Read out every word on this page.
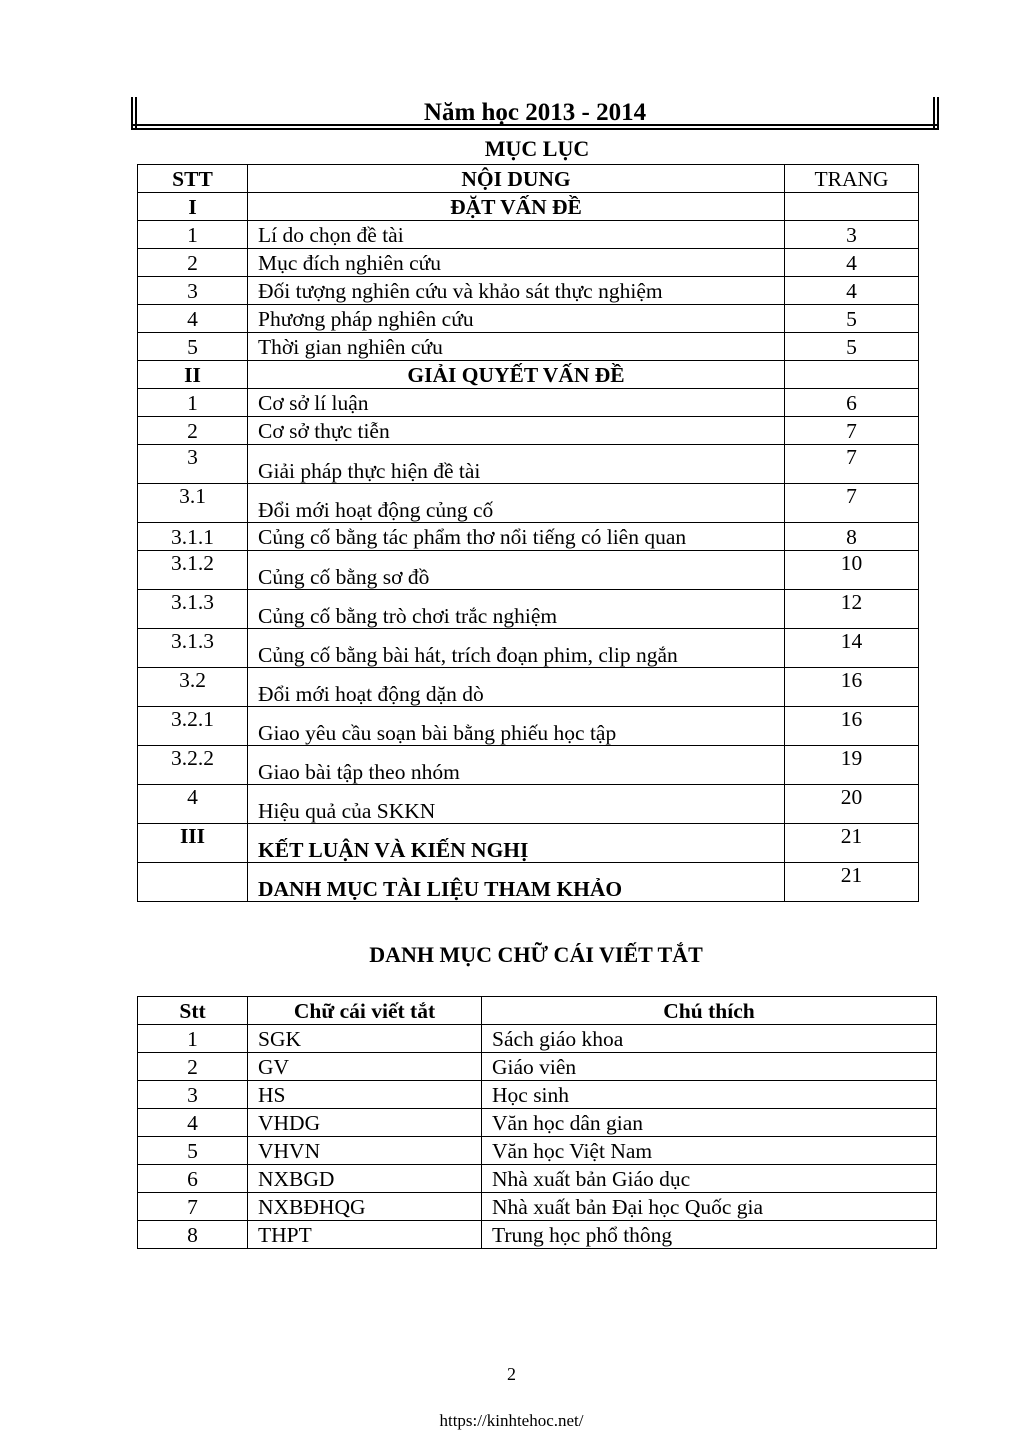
Năm học 2013 - 2014
MỤC LỤC
STT	NỘI DUNG	TRANG
I	ĐẶT VẤN ĐỀ	
1	Lí do chọn đề tài	3
2	Mục đích nghiên cứu	4
3	Đối tượng nghiên cứu và khảo sát thực nghiệm	4
4	Phương pháp nghiên cứu	5
5	Thời gian nghiên cứu	5
II	GIẢI QUYẾT VẤN ĐỀ	
1	Cơ sở lí luận	6
2	Cơ sở thực tiễn	7
3	Giải pháp thực hiện đề tài	7
3.1	Đổi mới hoạt động củng cố	7
3.1.1	Củng cố bằng tác phẩm thơ nổi tiếng có liên quan	8
3.1.2	Củng cố bằng sơ đồ	10
3.1.3	Củng cố bằng trò chơi trắc nghiệm	12
3.1.3	Củng cố bằng bài hát, trích đoạn phim, clip ngắn	14
3.2	Đổi mới hoạt động dặn dò	16
3.2.1	Giao yêu cầu soạn bài bằng phiếu học tập	16
3.2.2	Giao bài tập theo nhóm	19
4	Hiệu quả của SKKN	20
III	KẾT LUẬN VÀ KIẾN NGHỊ	21
	DANH MỤC TÀI LIỆU THAM KHẢO	21
DANH MỤC CHỮ CÁI VIẾT TẮT
Stt	Chữ cái viết tắt	Chú thích
1	SGK	Sách giáo khoa
2	GV	Giáo viên
3	HS	Học sinh
4	VHDG	Văn học dân gian
5	VHVN	Văn học Việt Nam
6	NXBGD	Nhà xuất bản Giáo dục
7	NXBĐHQG	Nhà xuất bản Đại học Quốc gia
8	THPT	Trung học phổ thông
2
https://kinhtehoc.net/
